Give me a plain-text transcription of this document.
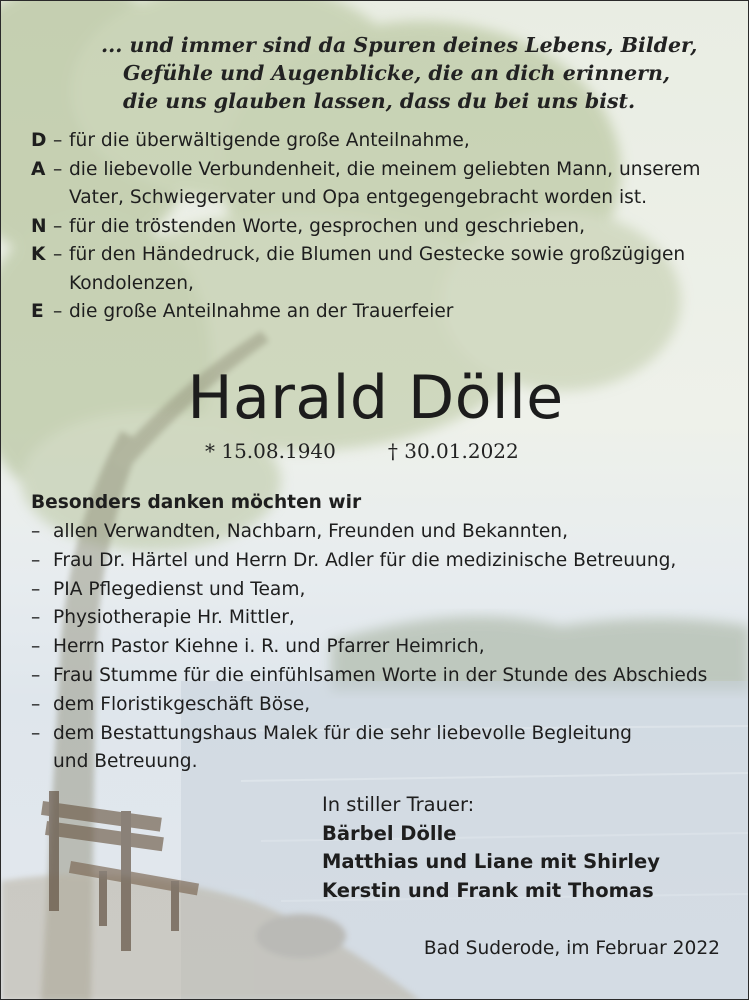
... und immer sind da Spuren deines Lebens, Bilder,
Gefühle und Augenblicke, die an dich erinnern,
die uns glauben lassen, dass du bei uns bist.
D – für die überwältigende große Anteilnahme,
A – die liebevolle Verbundenheit, die meinem geliebten Mann, unserem
Vater, Schwiegervater und Opa entgegengebracht worden ist.
N – für die tröstenden Worte, gesprochen und geschrieben,
K – für den Händedruck, die Blumen und Gestecke sowie großzügigen
Kondolenzen,
E – die große Anteilnahme an der Trauerfeier
Harald Dölle
* 15.08.1940	† 30.01.2022
Besonders danken möchten wir
– allen Verwandten, Nachbarn, Freunden und Bekannten,
– Frau Dr. Härtel und Herrn Dr. Adler für die medizinische Betreuung,
– PIA Pflegedienst und Team,
– Physiotherapie Hr. Mittler,
– Herrn Pastor Kiehne i. R. und Pfarrer Heimrich,
– Frau Stumme für die einfühlsamen Worte in der Stunde des Abschieds
– dem Floristikgeschäft Böse,
– dem Bestattungshaus Malek für die sehr liebevolle Begleitung
und Betreuung.
In stiller Trauer:
Bärbel Dölle
Matthias und Liane mit Shirley
Kerstin und Frank mit Thomas
Bad Suderode, im Februar 2022
